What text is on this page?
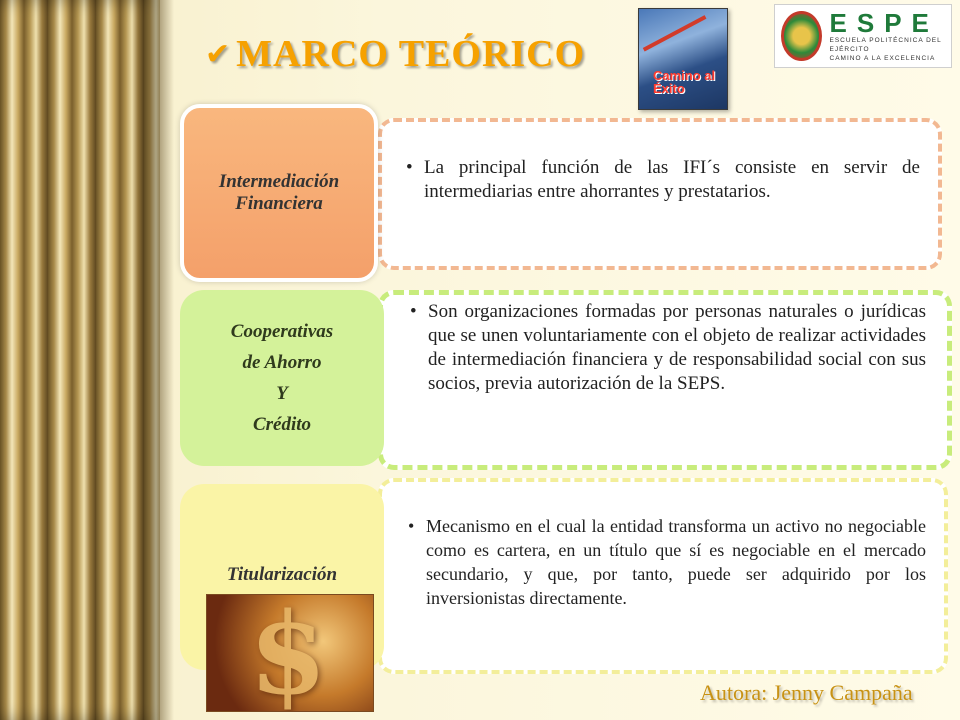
✔ MARCO TEÓRICO
Camino al Éxito
ESPE
ESCUELA POLITÉCNICA DEL EJÉRCITO
CAMINO A LA EXCELENCIA
• La principal función de las IFI´s consiste en servir de intermediarias entre ahorrantes y prestatarios.
Intermediación Financiera
• Son organizaciones formadas por personas naturales o jurídicas que se unen voluntariamente con el objeto de realizar actividades de intermediación financiera y de responsabilidad social con sus socios, previa autorización de la SEPS.
Cooperativas
de Ahorro
Y
Crédito
• Mecanismo en el cual la entidad transforma un activo no negociable como es cartera, en un título que sí es negociable en el mercado secundario, y que, por tanto, puede ser adquirido por los inversionistas directamente.
Titularización
$	Autora: Jenny Campaña
